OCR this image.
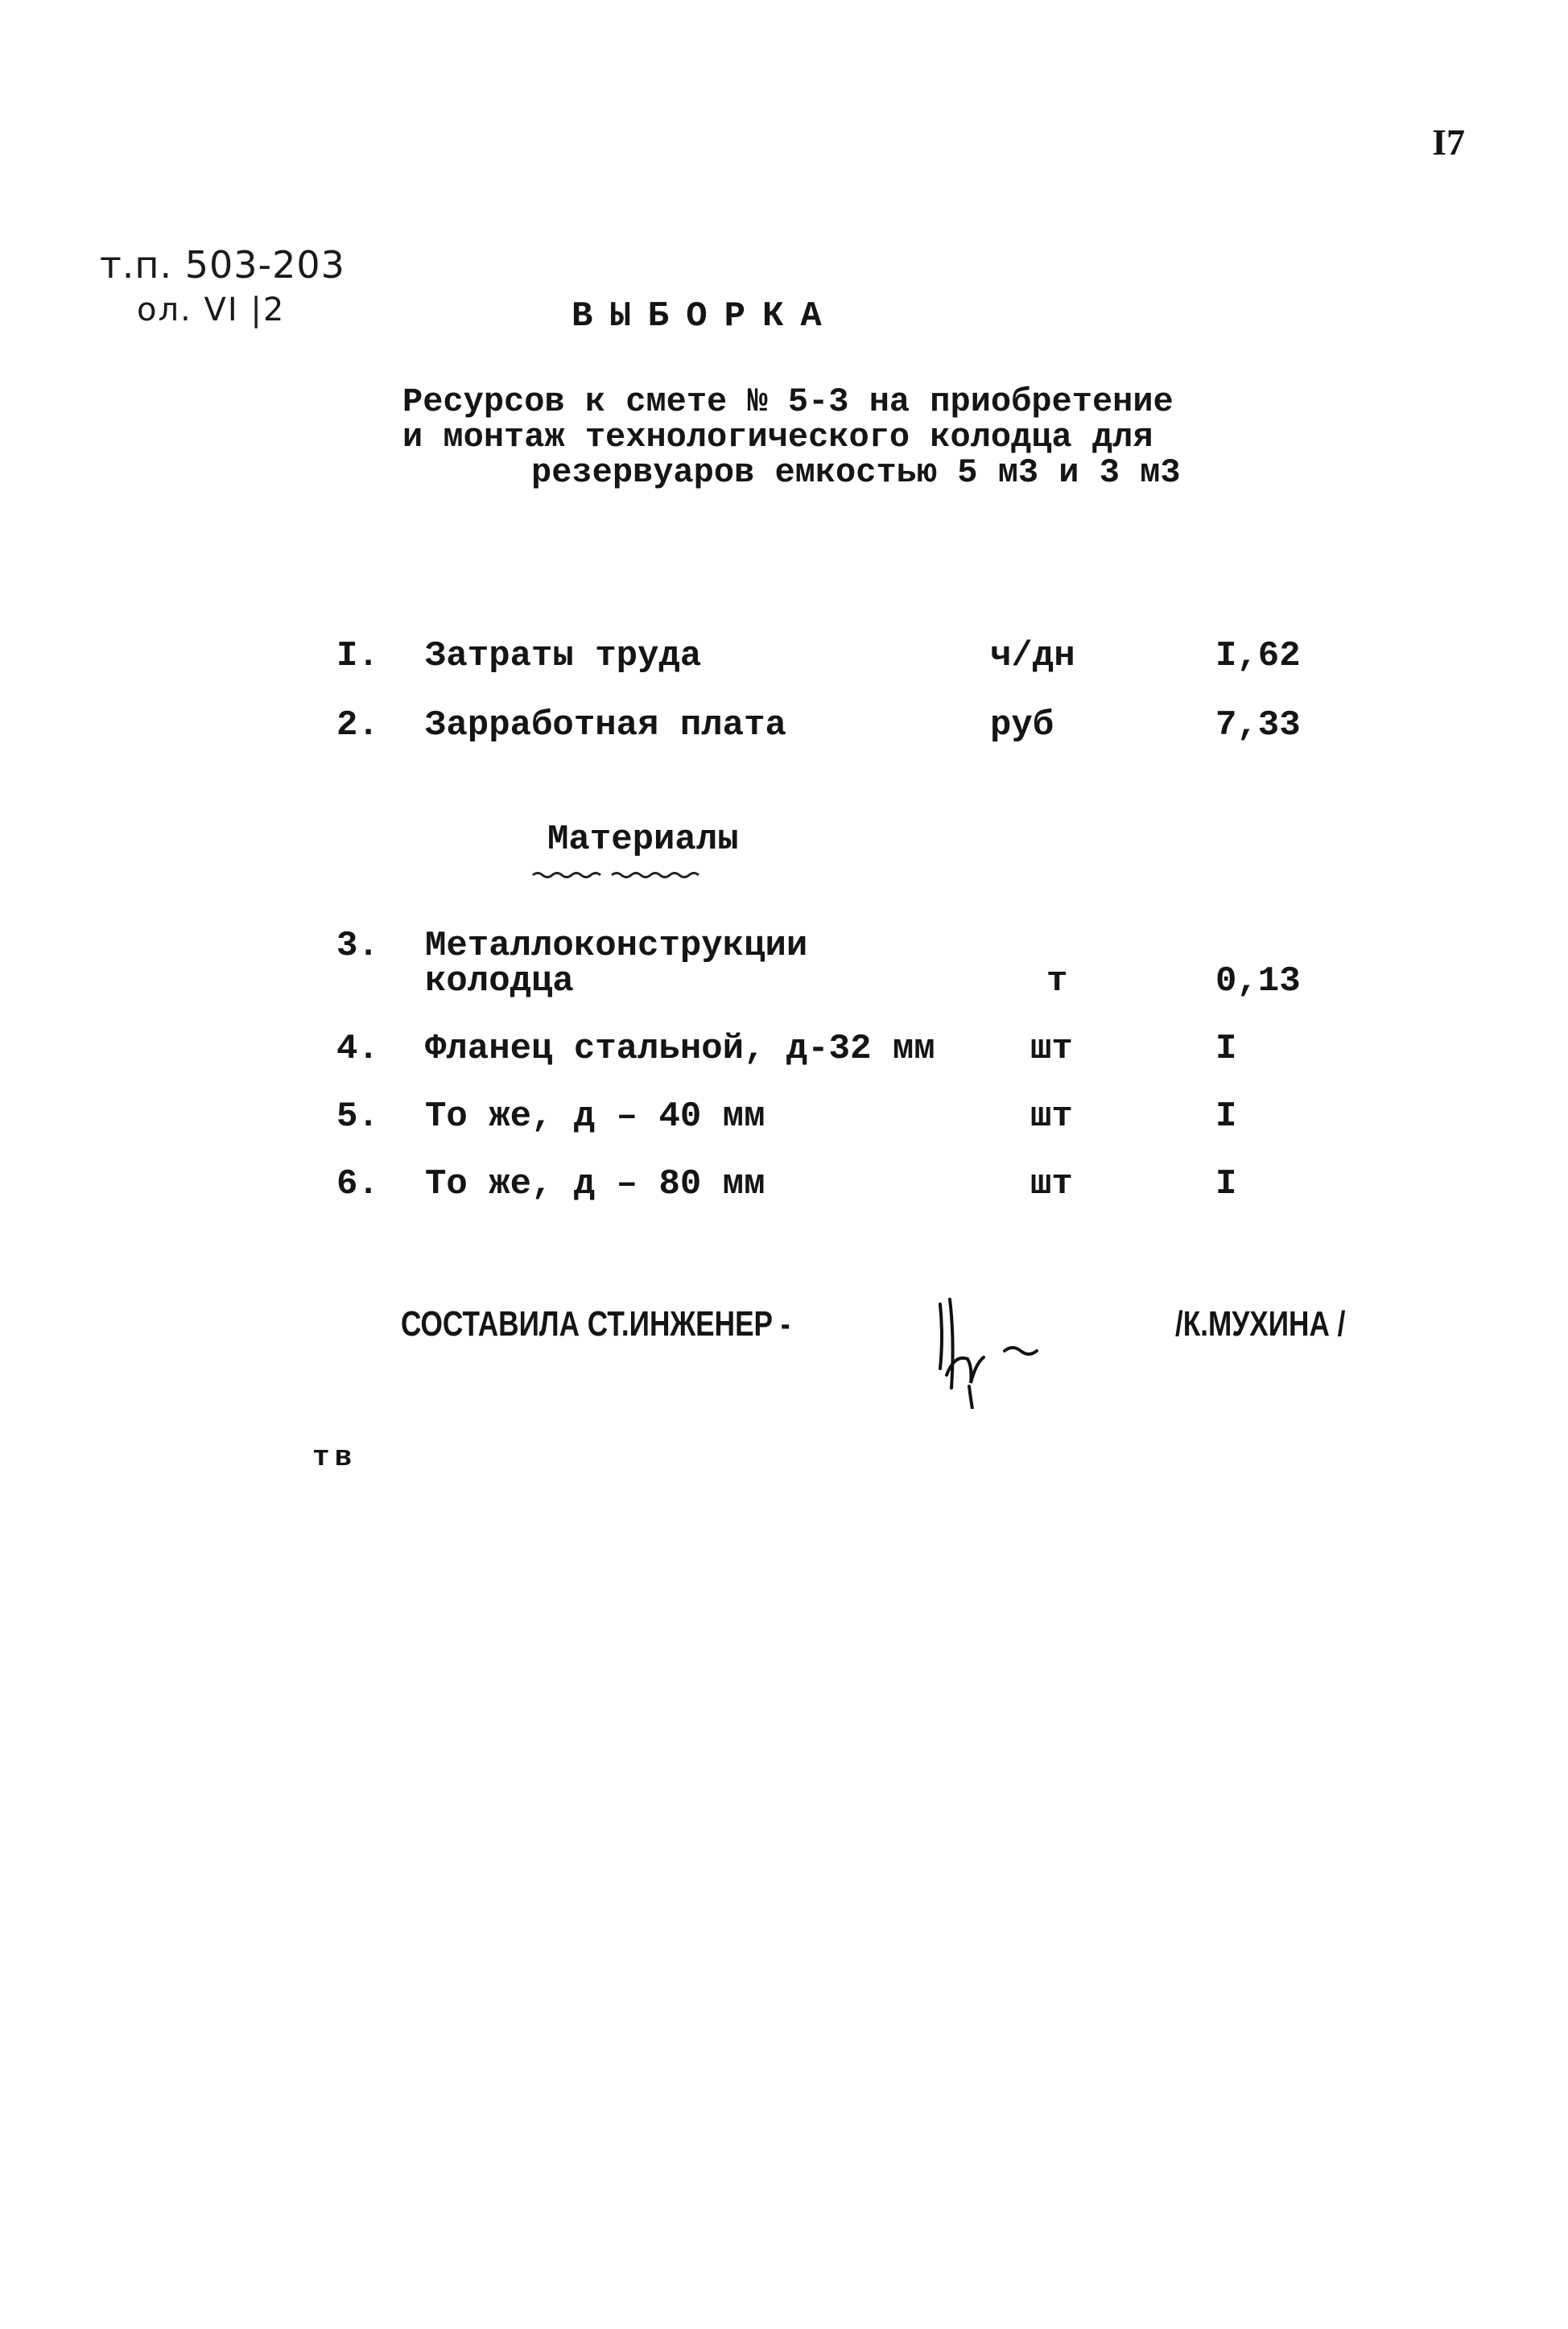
I7
т.п. 503-203
ол. VI |2	ВЫБОРКА
Ресурсов к смете № 5-3 на приобретение
и монтаж технологического колодца для
резервуаров емкостью 5 м3 и 3 м3
I. Затраты труда	ч/дн	I,62
2. Зарработная плата	руб	7,33
Материалы
3. Металлоконструкции
колодца	т	0,13
4. Фланец стальной, д-32 мм	шт	I
5. То же, д – 40 мм	шт	I
6. То же, д – 80 мм	шт	I
СОСТАВИЛА СТ.ИНЖЕНЕР -	/К.МУХИНА /
тв
